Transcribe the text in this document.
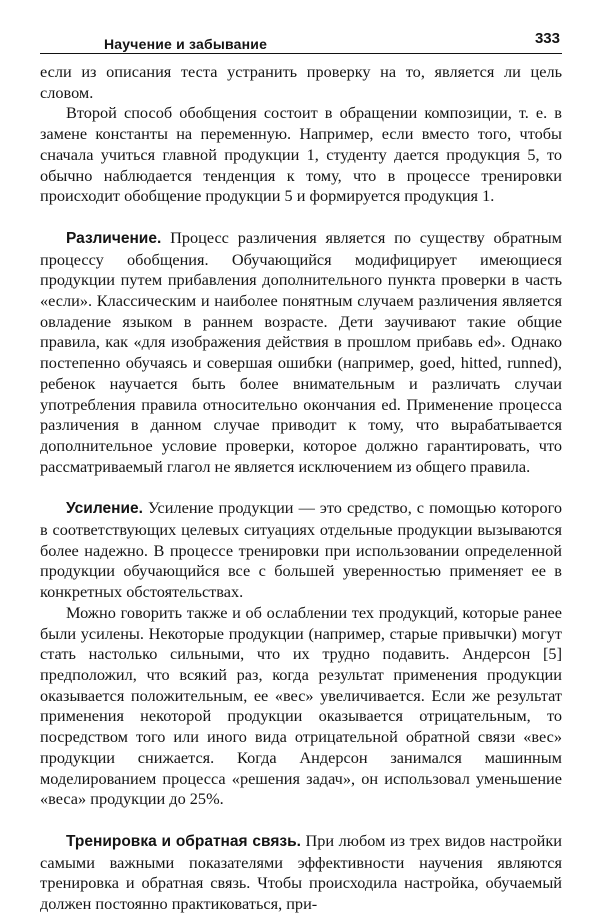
Научение и забывание	333

если из описания теста устранить проверку на то, является ли цель словом.

Второй способ обобщения состоит в обращении композиции, т. е. в замене константы на переменную. Например, если вместо того, чтобы сначала учиться главной продукции 1, студенту дается продукция 5, то обычно наблюдается тенденция к тому, что в процессе тренировки происходит обобщение продукции 5 и формируется продукция 1.

Различение. Процесс различения является по существу обратным процессу обобщения. Обучающийся модифицирует имеющиеся продукции путем прибавления дополнительного пункта проверки в часть «если». Классическим и наиболее понятным случаем различения является овладение языком в раннем возрасте. Дети заучивают такие общие правила, как «для изображения действия в прошлом прибавь ed». Однако постепенно обучаясь и совершая ошибки (например, goed, hitted, runned), ребенок научается быть более внимательным и различать случаи употребления правила относительно окончания ed. Применение процесса различения в данном случае приводит к тому, что вырабатывается дополнительное условие проверки, которое должно гарантировать, что рассматриваемый глагол не является исключением из общего правила.

Усиление. Усиление продукции — это средство, с помощью которого в соответствующих целевых ситуациях отдельные продукции вызываются более надежно. В процессе тренировки при использовании определенной продукции обучающийся все с большей уверенностью применяет ее в конкретных обстоятельствах.

Можно говорить также и об ослаблении тех продукций, которые ранее были усилены. Некоторые продукции (например, старые привычки) могут стать настолько сильными, что их трудно подавить. Андерсон [5] предположил, что всякий раз, когда результат применения продукции оказывается положительным, ее «вес» увеличивается. Если же результат применения некоторой продукции оказывается отрицательным, то посредством того или иного вида отрицательной обратной связи «вес» продукции снижается. Когда Андерсон занимался машинным моделированием процесса «решения задач», он использовал уменьшение «веса» продукции до 25%.

Тренировка и обратная связь. При любом из трех видов настройки самыми важными показателями эффективности научения являются тренировка и обратная связь. Чтобы происходила настройка, обучаемый должен постоянно практиковаться, при-
